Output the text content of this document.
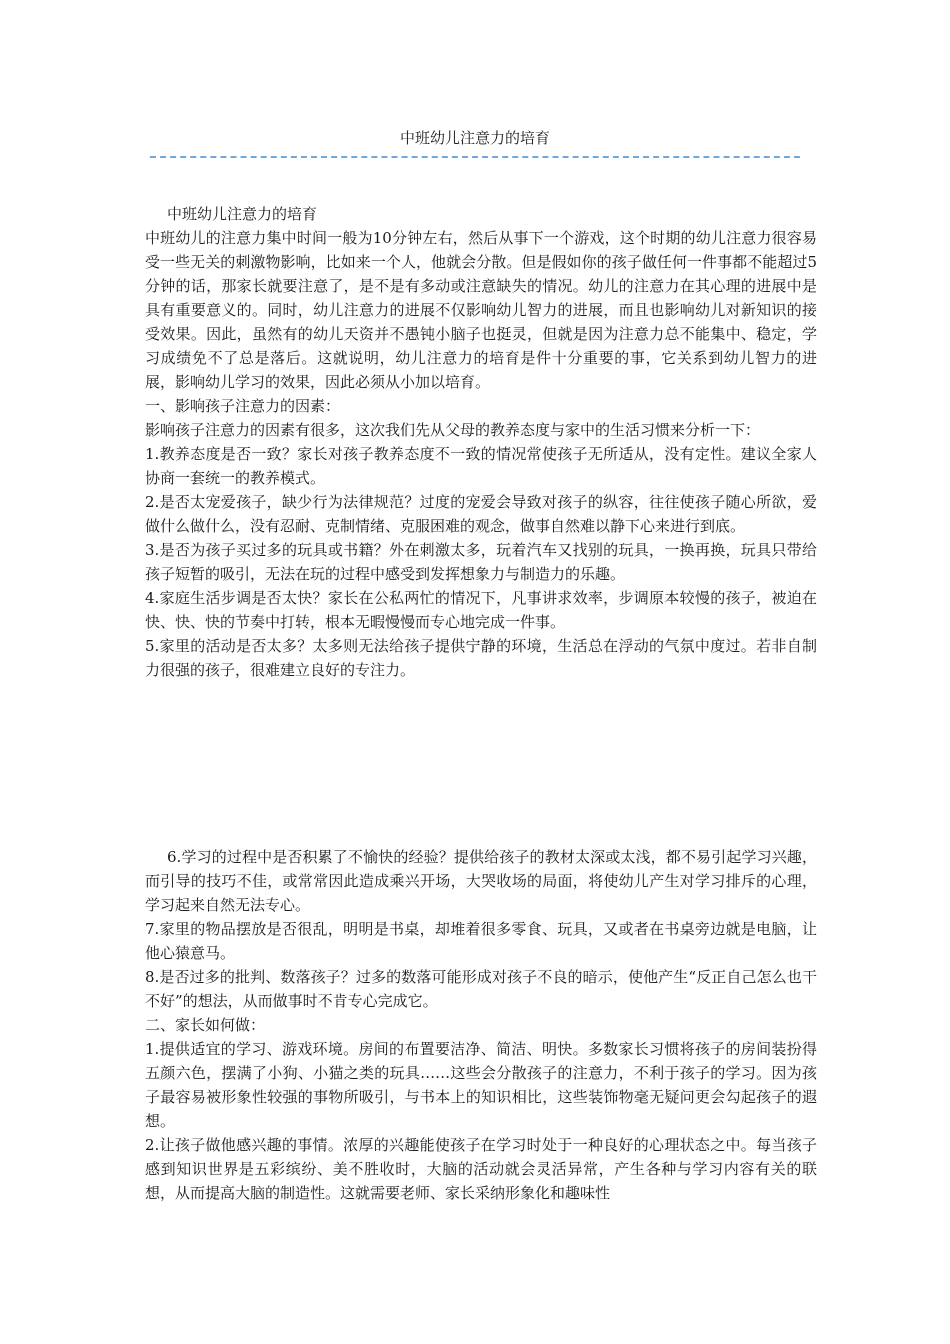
中班幼儿注意力的培育

中班幼儿注意力的培育

中班幼儿的注意力集中时间一般为10分钟左右，然后从事下一个游戏，这个时期的幼儿注意力很容易受一些无关的刺激物影响，比如来一个人，他就会分散。但是假如你的孩子做任何一件事都不能超过5分钟的话，那家长就要注意了，是不是有多动或注意缺失的情况。幼儿的注意力在其心理的进展中是具有重要意义的。同时，幼儿注意力的进展不仅影响幼儿智力的进展，而且也影响幼儿对新知识的接受效果。因此，虽然有的幼儿天资并不愚钝小脑子也挺灵，但就是因为注意力总不能集中、稳定，学习成绩免不了总是落后。这就说明，幼儿注意力的培育是件十分重要的事，它关系到幼儿智力的进展，影响幼儿学习的效果，因此必须从小加以培育。

一、影响孩子注意力的因素：

影响孩子注意力的因素有很多，这次我们先从父母的教养态度与家中的生活习惯来分析一下：

1.教养态度是否一致？家长对孩子教养态度不一致的情况常使孩子无所适从，没有定性。建议全家人协商一套统一的教养模式。

2.是否太宠爱孩子，缺少行为法律规范？过度的宠爱会导致对孩子的纵容，往往使孩子随心所欲，爱做什么做什么，没有忍耐、克制情绪、克服困难的观念，做事自然难以静下心来进行到底。

3.是否为孩子买过多的玩具或书籍？外在刺激太多，玩着汽车又找别的玩具，一换再换，玩具只带给孩子短暂的吸引，无法在玩的过程中感受到发挥想象力与制造力的乐趣。

4.家庭生活步调是否太快？家长在公私两忙的情况下，凡事讲求效率，步调原本较慢的孩子，被迫在快、快、快的节奏中打转，根本无暇慢慢而专心地完成一件事。

5.家里的活动是否太多？太多则无法给孩子提供宁静的环境，生活总在浮动的气氛中度过。若非自制力很强的孩子，很难建立良好的专注力。

6.学习的过程中是否积累了不愉快的经验？提供给孩子的教材太深或太浅，都不易引起学习兴趣，而引导的技巧不佳，或常常因此造成乘兴开场，大哭收场的局面，将使幼儿产生对学习排斥的心理，学习起来自然无法专心。

7.家里的物品摆放是否很乱，明明是书桌，却堆着很多零食、玩具，又或者在书桌旁边就是电脑，让他心猿意马。

8.是否过多的批判、数落孩子？过多的数落可能形成对孩子不良的暗示，使他产生“反正自己怎么也干不好”的想法，从而做事时不肯专心完成它。

二、家长如何做：

1.提供适宜的学习、游戏环境。房间的布置要洁净、简洁、明快。多数家长习惯将孩子的房间装扮得五颜六色，摆满了小狗、小猫之类的玩具……这些会分散孩子的注意力，不利于孩子的学习。因为孩子最容易被形象性较强的事物所吸引，与书本上的知识相比，这些装饰物毫无疑问更会勾起孩子的遐想。

2.让孩子做他感兴趣的事情。浓厚的兴趣能使孩子在学习时处于一种良好的心理状态之中。每当孩子感到知识世界是五彩缤纷、美不胜收时，大脑的活动就会灵活异常，产生各种与学习内容有关的联想，从而提高大脑的制造性。这就需要老师、家长采纳形象化和趣味性
